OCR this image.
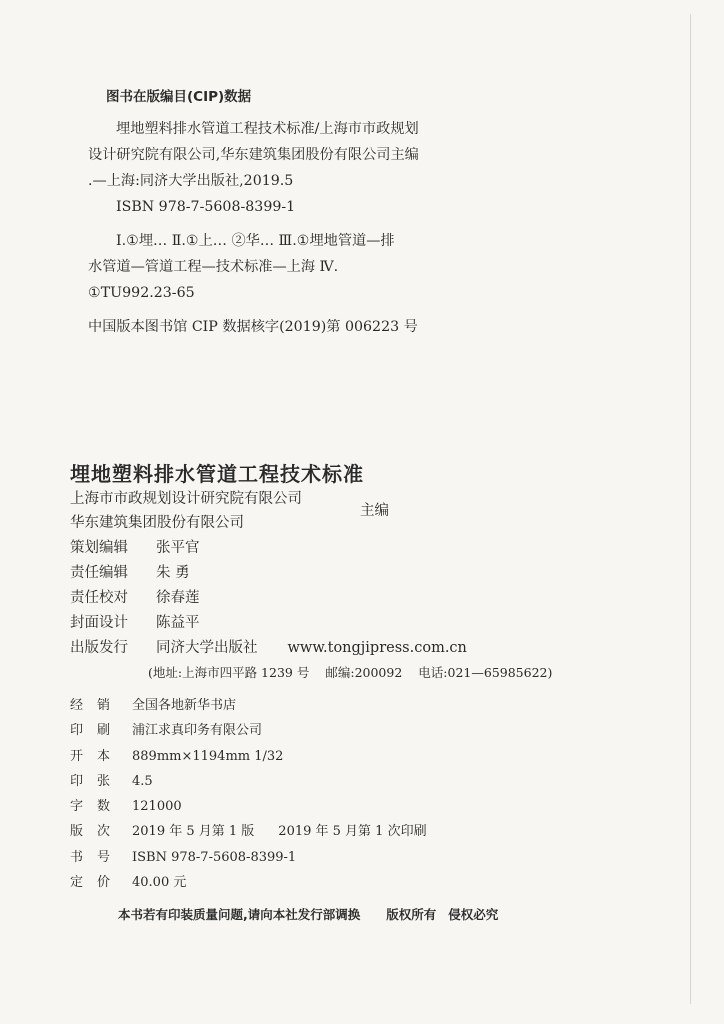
图书在版编目(CIP)数据
埋地塑料排水管道工程技术标准/上海市市政规划
设计研究院有限公司,华东建筑集团股份有限公司主编
.—上海:同济大学出版社,2019.5
ISBN 978-7-5608-8399-1
Ⅰ.①埋… Ⅱ.①上… ②华… Ⅲ.①埋地管道—排
水管道—管道工程—技术标准—上海 Ⅳ.
①TU992.23-65
中国版本图书馆 CIP 数据核字(2019)第 006223 号
埋地塑料排水管道工程技术标准
上海市市政规划设计研究院有限公司
华东建筑集团股份有限公司
主编
策划编辑 张平官
责任编辑 朱 勇
责任校对 徐春莲
封面设计 陈益平
出版发行 同济大学出版社 www.tongjipress.com.cn
(地址:上海市四平路 1239 号 邮编:200092 电话:021—65985622)
经销 全国各地新华书店
印刷 浦江求真印务有限公司
开本 889mm×1194mm 1/32
印张 4.5
字数 121000
版次 2019 年 5 月第 1 版 2019 年 5 月第 1 次印刷
书号 ISBN 978-7-5608-8399-1
定价 40.00 元
本书若有印装质量问题,请向本社发行部调换 版权所有 侵权必究
